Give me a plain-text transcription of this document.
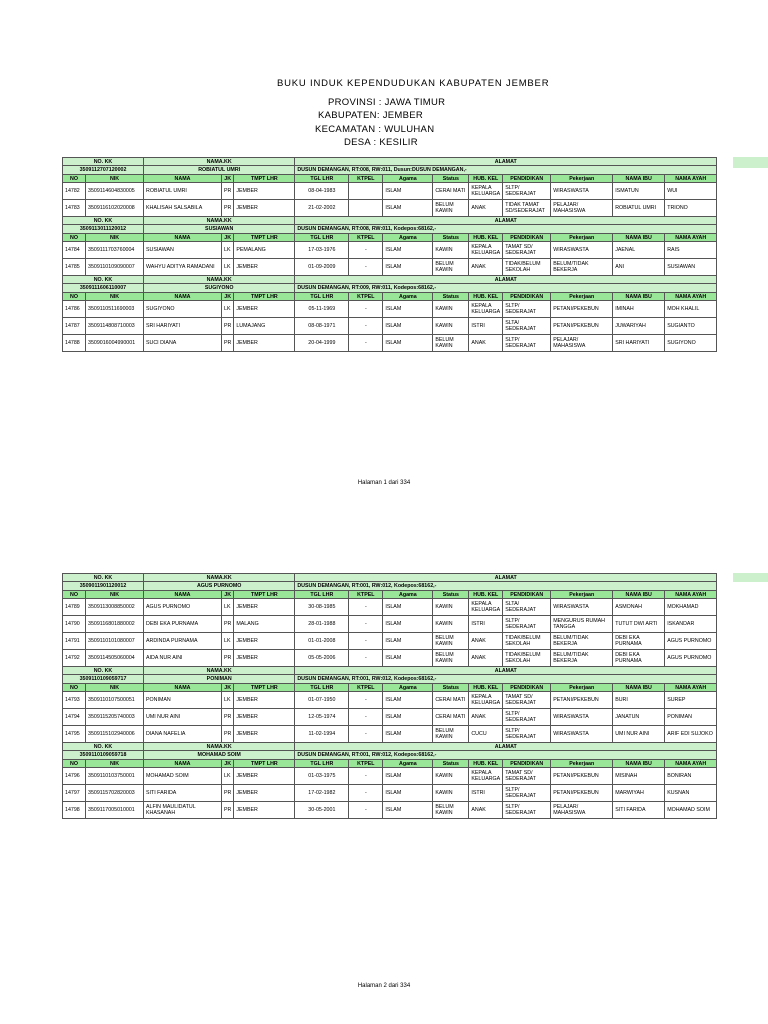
BUKU INDUK KEPENDUDUKAN KABUPATEN JEMBER
PROVINSI : JAWA TIMUR
KABUPATEN: JEMBER
KECAMATAN : WULUHAN
DESA : KESILIR
NO. KK		NAMA.KK			ALAMAT								
3509112707120002		ROBIATUL UMRI			DUSUN DEMANGAN, RT:008, RW:011, Dusun:DUSUN DEMANGAN,-								
NO	NIK	NAMA	JK	TMPT LHR	TGL LHR	KTPEL	Agama	Status	HUB. KEL	PENDIDIKAN	Pekerjaan	NAMA IBU	NAMA AYAH
14782	3509114604830005	ROBIATUL UMRI	PR	JEMBER	08-04-1983		ISLAM	CERAI MATI	KEPALA KELUARGA	SLTP/ SEDERAJAT	WIRASWASTA	ISMATUN	WUI
14783	3509116102020008	KHALISAH SALSABILA	PR	JEMBER	21-02-2002		ISLAM	BELUM KAWIN	ANAK	TIDAK TAMAT SD/SEDERAJAT	PELAJAR/ MAHASISWA	ROBIATUL UMRI	TRIONO
NO. KK		NAMA.KK			ALAMAT								
3509113011120012		SUSIAWAN			DUSUN DEMANGAN, RT:008, RW:011, Kodepos:68162,-								
NO	NIK	NAMA	JK	TMPT LHR	TGL LHR	KTPEL	Agama	Status	HUB. KEL	PENDIDIKAN	Pekerjaan	NAMA IBU	NAMA AYAH
14784	3509111703760004	SUSIAWAN	LK	PEMALANG	17-03-1976	-	ISLAM	KAWIN	KEPALA KELUARGA	TAMAT SD/ SEDERAJAT	WIRASWASTA	JAENAL	RAIS
14785	3509110109090007	WAHYU ADITYA RAMADANI	LK	JEMBER	01-09-2009	-	ISLAM	BELUM KAWIN	ANAK	TIDAK/BELUM SEKOLAH	BELUM/TIDAK BEKERJA	ANI	SUSIAWAN
NO. KK		NAMA.KK			ALAMAT								
3509111606110007		SUGIYONO			DUSUN DEMANGAN, RT:009, RW:011, Kodepos:68162,-								
NO	NIK	NAMA	JK	TMPT LHR	TGL LHR	KTPEL	Agama	Status	HUB. KEL	PENDIDIKAN	Pekerjaan	NAMA IBU	NAMA AYAH
14786	3509110511690003	SUGIYONO	LK	JEMBER	05-11-1969	-	ISLAM	KAWIN	KEPALA KELUARGA	SLTP/ SEDERAJAT	PETANI/PEKEBUN	IMINAH	MOH KHALIL
14787	3509114808710003	SRI HARIYATI	PR	LUMAJANG	08-08-1971	-	ISLAM	KAWIN	ISTRI	SLTA/ SEDERAJAT	PETANI/PEKEBUN	JUWARIYAH	SUGIANTO
14788	3509016004990001	SUCI DIANA	PR	JEMBER	20-04-1999	-	ISLAM	BELUM KAWIN	ANAK	SLTP/ SEDERAJAT	PELAJAR/ MAHASISWA	SRI HARIYATI	SUGIYONO
Halaman 1 dari 334
NO. KK		NAMA.KK			ALAMAT								
3509011901120012		AGUS PURNOMO			DUSUN DEMANGAN, RT:001, RW:012, Kodepos:68162,-								
NO	NIK	NAMA	JK	TMPT LHR	TGL LHR	KTPEL	Agama	Status	HUB. KEL	PENDIDIKAN	Pekerjaan	NAMA IBU	NAMA AYAH
14789	3509113008850002	AGUS PURNOMO	LK	JEMBER	30-08-1985	-	ISLAM	KAWIN	KEPALA KELUARGA	SLTA/ SEDERAJAT	WIRASWASTA	ASMONAH	MOKHAMAD
14790	3509116801880002	DEBI EKA PURNAMA	PR	MALANG	28-01-1988	-	ISLAM	KAWIN	ISTRI	SLTP/ SEDERAJAT	MENGURUS RUMAH TANGGA	TUTUT DWI ARTI	ISKANDAR
14791	3509110101080007	ARDINDA PURNAMA	LK	JEMBER	01-01-2008	-	ISLAM	BELUM KAWIN	ANAK	TIDAK/BELUM SEKOLAH	BELUM/TIDAK BEKERJA	DEBI EKA PURNAMA	AGUS PURNOMO
14792	3509114505060004	AIDA NUR AINI	PR	JEMBER	05-05-2006	-	ISLAM	BELUM KAWIN	ANAK	TIDAK/BELUM SEKOLAH	BELUM/TIDAK BEKERJA	DEBI EKA PURNAMA	AGUS PURNOMO
NO. KK		NAMA.KK			ALAMAT								
3509110109059717		PONIMAN			DUSUN DEMANGAN, RT:001, RW:012, Kodepos:68162,-								
NO	NIK	NAMA	JK	TMPT LHR	TGL LHR	KTPEL	Agama	Status	HUB. KEL	PENDIDIKAN	Pekerjaan	NAMA IBU	NAMA AYAH
14793	3509110107500051	PONIMAN	LK	JEMBER	01-07-1950	-	ISLAM	CERAI MATI	KEPALA KELUARGA	TAMAT SD/ SEDERAJAT	PETANI/PEKEBUN	BURI	SUREP
14794	3509115205740003	UMI NUR AINI	PR	JEMBER	12-05-1974	-	ISLAM	CERAI MATI	ANAK	SLTP/ SEDERAJAT	WIRASWASTA	JANATUN	PONIMAN
14795	3509115102940006	DIANA NAFELIA	PR	JEMBER	11-02-1994	-	ISLAM	BELUM KAWIN	CUCU	SLTP/ SEDERAJAT	WIRASWASTA	UMI NUR AINI	ARIF EDI SUJOKO
NO. KK		NAMA.KK			ALAMAT								
3509110109059718		MOHAMAD SOIM			DUSUN DEMANGAN, RT:001, RW:012, Kodepos:68162,-								
NO	NIK	NAMA	JK	TMPT LHR	TGL LHR	KTPEL	Agama	Status	HUB. KEL	PENDIDIKAN	Pekerjaan	NAMA IBU	NAMA AYAH
14796	3509110103750001	MOHAMAD SOIM	LK	JEMBER	01-03-1975	-	ISLAM	KAWIN	KEPALA KELUARGA	TAMAT SD/ SEDERAJAT	PETANI/PEKEBUN	MISINAH	BONIRAN
14797	3509115702820003	SITI FARIDA	PR	JEMBER	17-02-1982	-	ISLAM	KAWIN	ISTRI	SLTP/ SEDERAJAT	PETANI/PEKEBUN	MARWIYAH	KUSNAN
14798	3509117005010001	ALFIN MAULIDATUL KHASANAH	PR	JEMBER	30-05-2001	-	ISLAM	BELUM KAWIN	ANAK	SLTP/ SEDERAJAT	PELAJAR/ MAHASISWA	SITI FARIDA	MOHAMAD SOIM
Halaman 2 dari 334
